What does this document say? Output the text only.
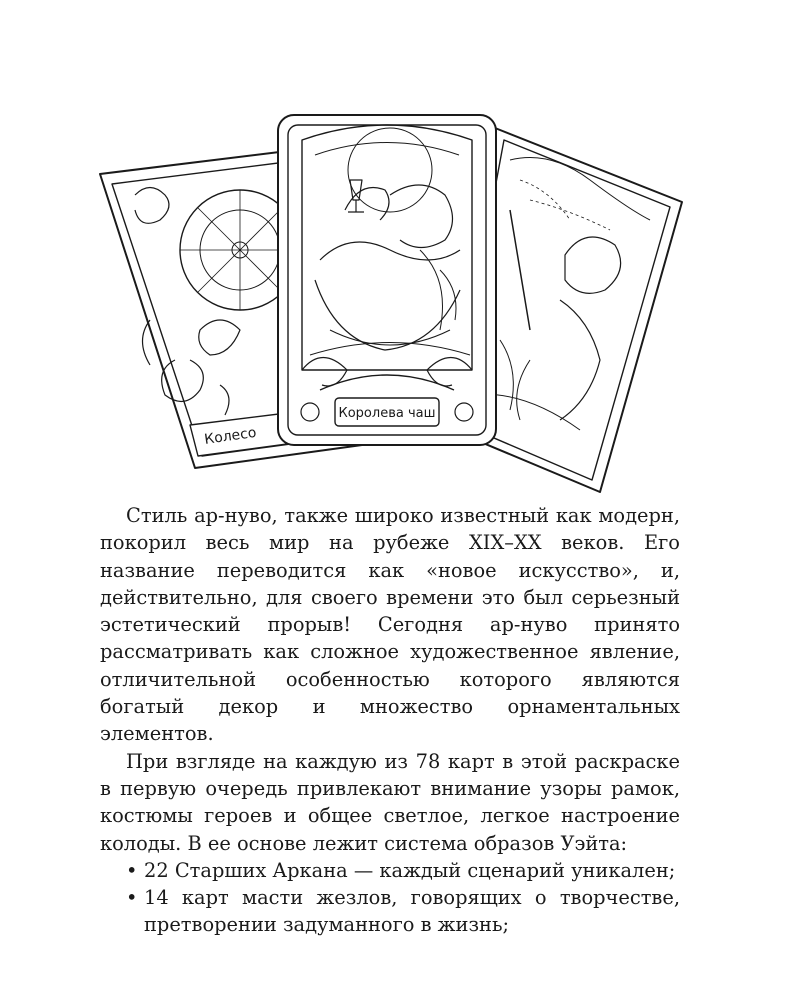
Колесо
Королева чаш

Стиль ар-нуво, также широко известный как модерн, покорил весь мир на рубеже XIX–XX веков. Его название переводится как «новое искусство», и, действительно, для своего времени это был серьезный эстетический прорыв! Сегодня ар-нуво принято рассматривать как сложное художественное явление, отличительной особенностью которого являются богатый декор и множество орнаментальных элементов.

При взгляде на каждую из 78 карт в этой раскраске в первую очередь привлекают внимание узоры рамок, костюмы героев и общее светлое, легкое настроение колоды. В ее основе лежит система образов Уэйта:

• 22 Старших Аркана — каждый сценарий уникален;
• 14 карт масти жезлов, говорящих о творчестве, претворении задуманного в жизнь;
